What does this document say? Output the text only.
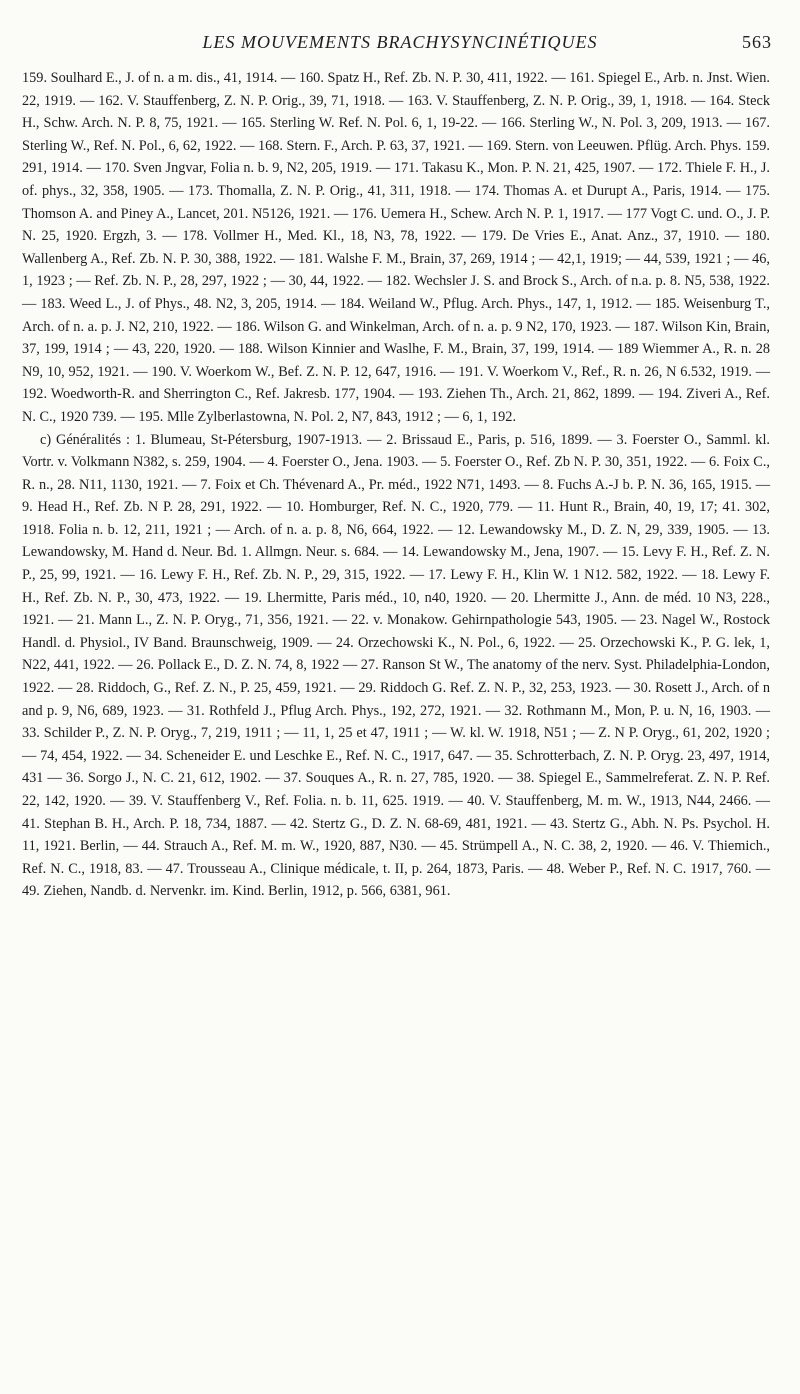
LES MOUVEMENTS BRACHYSYNCINÉTIQUES	563

159. Soulhard E., J. of n. a m. dis., 41, 1914. — 160. Spatz H., Ref. Zb. N. P. 30, 411, 1922. — 161. Spiegel E., Arb. n. Jnst. Wien. 22, 1919. — 162. V. Stauffenberg, Z. N. P. Orig., 39, 71, 1918. — 163. V. Stauffenberg, Z. N. P. Orig., 39, 1, 1918. — 164. Steck H., Schw. Arch. N. P. 8, 75, 1921. — 165. Sterling W. Ref. N. Pol. 6, 1, 19-22. — 166. Sterling W., N. Pol. 3, 209, 1913. — 167. Sterling W., Ref. N. Pol., 6, 62, 1922. — 168. Stern. F., Arch. P. 63, 37, 1921. — 169. Stern. von Leeuwen. Pflüg. Arch. Phys. 159. 291, 1914. — 170. Sven Jngvar, Folia n. b. 9, N2, 205, 1919. — 171. Takasu K., Mon. P. N. 21, 425, 1907. — 172. Thiele F. H., J. of. phys., 32, 358, 1905. — 173. Thomalla, Z. N. P. Orig., 41, 311, 1918. — 174. Thomas A. et Durupt A., Paris, 1914. — 175. Thomson A. and Piney A., Lancet, 201. N5126, 1921. — 176. Uemera H., Schew. Arch N. P. 1, 1917. — 177 Vogt C. und. O., J. P. N. 25, 1920. Ergzh, 3. — 178. Vollmer H., Med. Kl., 18, N3, 78, 1922. — 179. De Vries E., Anat. Anz., 37, 1910. — 180. Wallenberg A., Ref. Zb. N. P. 30, 388, 1922. — 181. Walshe F. M., Brain, 37, 269, 1914 ; — 42,1, 1919; — 44, 539, 1921 ; — 46, 1, 1923 ; — Ref. Zb. N. P., 28, 297, 1922 ; — 30, 44, 1922. — 182. Wechsler J. S. and Brock S., Arch. of n.a. p. 8. N5, 538, 1922. — 183. Weed L., J. of Phys., 48. N2, 3, 205, 1914. — 184. Weiland W., Pflug. Arch. Phys., 147, 1, 1912. — 185. Weisenburg T., Arch. of n. a. p. J. N2, 210, 1922. — 186. Wilson G. and Winkelman, Arch. of n. a. p. 9 N2, 170, 1923. — 187. Wilson Kin, Brain, 37, 199, 1914 ; — 43, 220, 1920. — 188. Wilson Kinnier and Waslhe, F. M., Brain, 37, 199, 1914. — 189 Wiemmer A., R. n. 28 N9, 10, 952, 1921. — 190. V. Woerkom W., Bef. Z. N. P. 12, 647, 1916. — 191. V. Woerkom V., Ref., R. n. 26, N 6.532, 1919. — 192. Woedworth-R. and Sherrington C., Ref. Jakresb. 177, 1904. — 193. Ziehen Th., Arch. 21, 862, 1899. — 194. Ziveri A., Ref. N. C., 1920 739. — 195. Mlle Zylberlastowna, N. Pol. 2, N7, 843, 1912 ; — 6, 1, 192.

c) Généralités : 1. Blumeau, St-Pétersburg, 1907-1913. — 2. Brissaud E., Paris, p. 516, 1899. — 3. Foerster O., Samml. kl. Vortr. v. Volkmann N382, s. 259, 1904. — 4. Foerster O., Jena. 1903. — 5. Foerster O., Ref. Zb N. P. 30, 351, 1922. — 6. Foix C., R. n., 28. N11, 1130, 1921. — 7. Foix et Ch. Thévenard A., Pr. méd., 1922 N71, 1493. — 8. Fuchs A.-J b. P. N. 36, 165, 1915. — 9. Head H., Ref. Zb. N P. 28, 291, 1922. — 10. Homburger, Ref. N. C., 1920, 779. — 11. Hunt R., Brain, 40, 19, 17; 41. 302, 1918. Folia n. b. 12, 211, 1921 ; — Arch. of n. a. p. 8, N6, 664, 1922. — 12. Lewandowsky M., D. Z. N, 29, 339, 1905. — 13. Lewandowsky, M. Hand d. Neur. Bd. 1. Allmgn. Neur. s. 684. — 14. Lewandowsky M., Jena, 1907. — 15. Levy F. H., Ref. Z. N. P., 25, 99, 1921. — 16. Lewy F. H., Ref. Zb. N. P., 29, 315, 1922. — 17. Lewy F. H., Klin W. 1 N12. 582, 1922. — 18. Lewy F. H., Ref. Zb. N. P., 30, 473, 1922. — 19. Lhermitte, Paris méd., 10, n40, 1920. — 20. Lhermitte J., Ann. de méd. 10 N3, 228., 1921. — 21. Mann L., Z. N. P. Oryg., 71, 356, 1921. — 22. v. Monakow. Gehirnpathologie 543, 1905. — 23. Nagel W., Rostock Handl. d. Physiol., IV Band. Braunschweig, 1909. — 24. Orzechowski K., N. Pol., 6, 1922. — 25. Orzechowski K., P. G. lek, 1, N22, 441, 1922. — 26. Pollack E., D. Z. N. 74, 8, 1922 — 27. Ranson St W., The anatomy of the nerv. Syst. Philadelphia-London, 1922. — 28. Riddoch, G., Ref. Z. N., P. 25, 459, 1921. — 29. Riddoch G. Ref. Z. N. P., 32, 253, 1923. — 30. Rosett J., Arch. of n and p. 9, N6, 689, 1923. — 31. Rothfeld J., Pflug Arch. Phys., 192, 272, 1921. — 32. Rothmann M., Mon, P. u. N, 16, 1903. — 33. Schilder P., Z. N. P. Oryg., 7, 219, 1911 ; — 11, 1, 25 et 47, 1911 ; — W. kl. W. 1918, N51 ; — Z. N P. Oryg., 61, 202, 1920 ; — 74, 454, 1922. — 34. Scheneider E. und Leschke E., Ref. N. C., 1917, 647. — 35. Schrotterbach, Z. N. P. Oryg. 23, 497, 1914, 431 — 36. Sorgo J., N. C. 21, 612, 1902. — 37. Souques A., R. n. 27, 785, 1920. — 38. Spiegel E., Sammelreferat. Z. N. P. Ref. 22, 142, 1920. — 39. V. Stauffenberg V., Ref. Folia. n. b. 11, 625. 1919. — 40. V. Stauffenberg, M. m. W., 1913, N44, 2466. — 41. Stephan B. H., Arch. P. 18, 734, 1887. — 42. Stertz G., D. Z. N. 68-69, 481, 1921. — 43. Stertz G., Abh. N. Ps. Psychol. H. 11, 1921. Berlin, — 44. Strauch A., Ref. M. m. W., 1920, 887, N30. — 45. Strümpell A., N. C. 38, 2, 1920. — 46. V. Thiemich., Ref. N. C., 1918, 83. — 47. Trousseau A., Clinique médicale, t. II, p. 264, 1873, Paris. — 48. Weber P., Ref. N. C. 1917, 760. — 49. Ziehen, Nandb. d. Nervenkr. im. Kind. Berlin, 1912, p. 566, 6381, 961.
